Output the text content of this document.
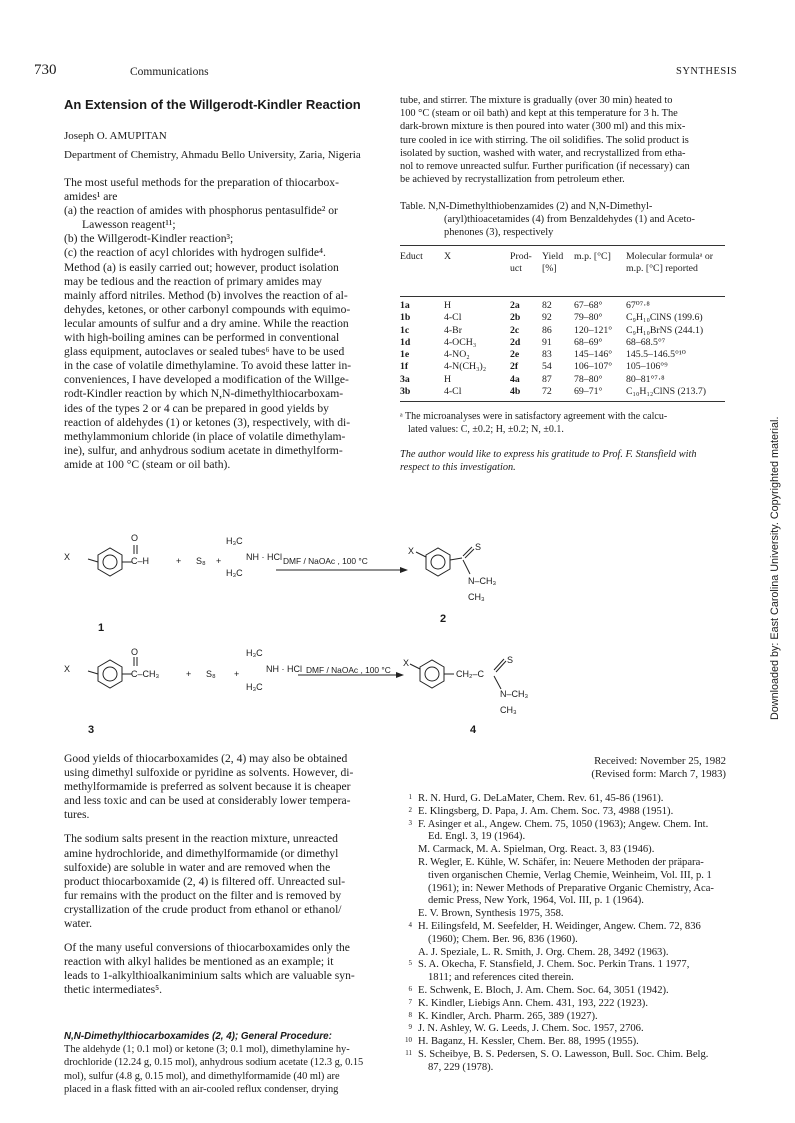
730	Communications	SYNTHESIS
An Extension of the Willgerodt-Kindler Reaction
Joseph O. AMUPITAN
Department of Chemistry, Ahmadu Bello University, Zaria, Nigeria

The most useful methods for the preparation of thiocarbox-

amides¹ are

(a) the reaction of amides with phosphorus pentasulfide² or

Lawesson reagent¹¹;

(b) the Willgerodt-Kindler reaction³;

(c) the reaction of acyl chlorides with hydrogen sulfide⁴.

Method (a) is easily carried out; however, product isolation

may be tedious and the reaction of primary amides may

mainly afford nitriles. Method (b) involves the reaction of al-

dehydes, ketones, or other carbonyl compounds with equimo-

lecular amounts of sulfur and a dry amine. While the reaction

with high-boiling amines can be performed in conventional

glass equipment, autoclaves or sealed tubes⁶ have to be used

in the case of volatile dimethylamine. To avoid these latter in-

conveniences, I have developed a modification of the Willge-

rodt-Kindler reaction by which N,N-dimethylthiocarboxam-

ides of the types 2 or 4 can be prepared in good yields by

reaction of aldehydes (1) or ketones (3), respectively, with di-

methylammonium chloride (in place of volatile dimethylam-

ine), sulfur, and anhydrous sodium acetate in dimethylform-

amide at 100 °C (steam or oil bath).

tube, and stirrer. The mixture is gradually (over 30 min) heated to

100 °C (steam or oil bath) and kept at this temperature for 3 h. The

dark-brown mixture is then poured into water (300 ml) and this mix-

ture cooled in ice with stirring. The oil solidifies. The solid product is

isolated by suction, washed with water, and recrystallized from etha-

nol to remove unreacted sulfur. Further purification (if necessary) can

be achieved by recrystallization from petroleum ether.

Table. N,N-Dimethylthiobenzamides (2) and N,N-Dimethyl-

(aryl)thioacetamides (4) from Benzaldehydes (1) and Aceto-

phenones (3), respectively

Educt	X	Prod-uct	Yield [%]	m.p. [°C]	Molecular formulaᵃ or m.p. [°C] reported
1a	H	2a	82	67–68°	67⁰⁷·⁸
1b	4-Cl	2b	92	79–80°	C₉H₁₀ClNS (199.6)
1c	4-Br	2c	86	120–121°	C₉H₁₀BrNS (244.1)
1d	4-OCH₃	2d	91	68–69°	68–68.5°⁷
1e	4-NO₂	2e	83	145–146°	145.5–146.5°¹⁰
1f	4-N(CH₃)₂	2f	54	106–107°	105–106°⁹
3a	H	4a	87	78–80°	80–81°⁷·⁸
3b	4-Cl	4b	72	69–71°	C₁₀H₁₂ClNS (213.7)

ᵃ The microanalyses were in satisfactory agreement with the calcu-

lated values: C, ±0.2; H, ±0.2; N, ±0.1.

The author would like to express his gratitude to Prof. F. Stansfield with

respect to this investigation.

X
O
C–H	+ S₈ +
H₃C
NH · HCl
H₃C
DMF / NaOAc , 100 °C
X	S
N–CH₃
CH₃
1
2
X
O
C–CH₃	+ S₈ +
H₃C
NH · HCl
H₃C
DMF / NaOAc , 100 °C
X
CH₂–C
S
N–CH₃
CH₃
3	4

Good yields of thiocarboxamides (2, 4) may also be obtained

using dimethyl sulfoxide or pyridine as solvents. However, di-

methylformamide is preferred as solvent because it is cheaper

and less toxic and can be used at considerably lower tempera-

tures.

The sodium salts present in the reaction mixture, unreacted

amine hydrochloride, and dimethylformamide (or dimethyl

sulfoxide) are soluble in water and are removed when the

product thiocarboxamide (2, 4) is filtered off. Unreacted sul-

fur remains with the product on the filter and is removed by

crystallization of the crude product from ethanol or ethanol/

water.

Of the many useful conversions of thiocarboxamides only the

reaction with alkyl halides be mentioned as an example; it

leads to 1-alkylthioalkaniminium salts which are valuable syn-

thetic intermediates⁵.

N,N-Dimethylthiocarboxamides (2, 4); General Procedure:

The aldehyde (1; 0.1 mol) or ketone (3; 0.1 mol), dimethylamine hy-

drochloride (12.24 g, 0.15 mol), anhydrous sodium acetate (12.3 g, 0.15

mol), sulfur (4.8 g, 0.15 mol), and dimethylformamide (40 ml) are

placed in a flask fitted with an air-cooled reflux condenser, drying

Received: November 25, 1982

(Revised form: March 7, 1983)

1 R. N. Hurd, G. DeLaMater, Chem. Rev. 61, 45-86 (1961).
2 E. Klingsberg, D. Papa, J. Am. Chem. Soc. 73, 4988 (1951).
3 F. Asinger et al., Angew. Chem. 75, 1050 (1963); Angew. Chem. Int.
Ed. Engl. 3, 19 (1964).
M. Carmack, M. A. Spielman, Org. React. 3, 83 (1946).
R. Wegler, E. Kühle, W. Schäfer, in: Neuere Methoden der präpara-
tiven organischen Chemie, Verlag Chemie, Weinheim, Vol. III, p. 1
(1961); in: Newer Methods of Preparative Organic Chemistry, Aca-
demic Press, New York, 1964, Vol. III, p. 1 (1964).
E. V. Brown, Synthesis 1975, 358.
4 H. Eilingsfeld, M. Seefelder, H. Weidinger, Angew. Chem. 72, 836
(1960); Chem. Ber. 96, 836 (1960).
A. J. Speziale, L. R. Smith, J. Org. Chem. 28, 3492 (1963).
5 S. A. Okecha, F. Stansfield, J. Chem. Soc. Perkin Trans. 1 1977,
1811; and references cited therein.
6 E. Schwenk, E. Bloch, J. Am. Chem. Soc. 64, 3051 (1942).
7 K. Kindler, Liebigs Ann. Chem. 431, 193, 222 (1923).
8 K. Kindler, Arch. Pharm. 265, 389 (1927).
9 J. N. Ashley, W. G. Leeds, J. Chem. Soc. 1957, 2706.
10 H. Baganz, H. Kessler, Chem. Ber. 88, 1995 (1955).
11 S. Scheibye, B. S. Pedersen, S. O. Lawesson, Bull. Soc. Chim. Belg.
87, 229 (1978).
Downloaded by: East Carolina University. Copyrighted material.
